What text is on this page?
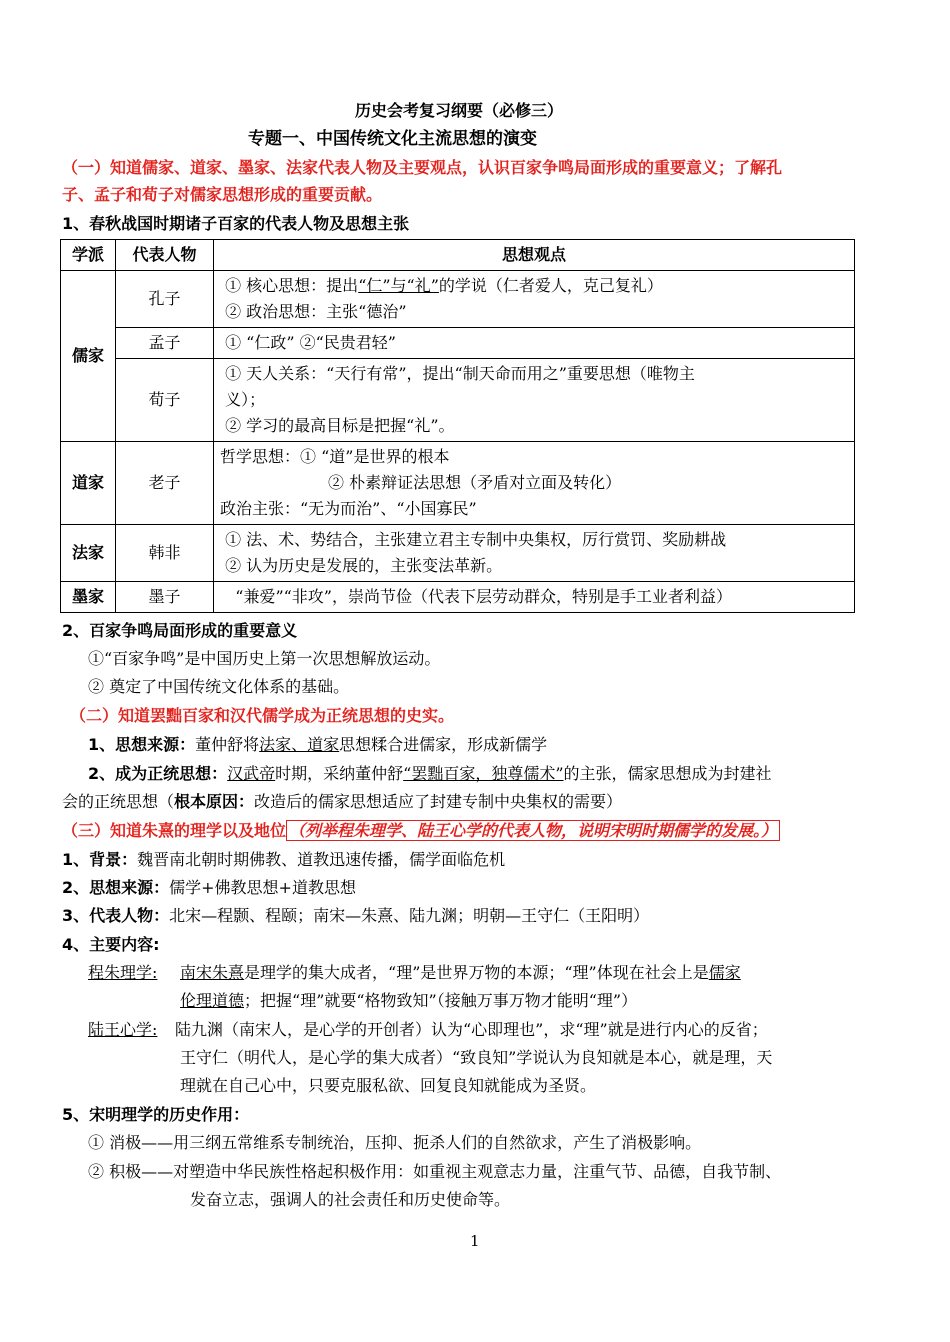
历史会考复习纲要（必修三）
专题一、中国传统文化主流思想的演变
（一）知道儒家、道家、墨家、法家代表人物及主要观点，认识百家争鸣局面形成的重要意义；了解孔
子、孟子和荀子对儒家思想形成的重要贡献。
1、春秋战国时期诸子百家的代表人物及思想主张
学派	代表人物	思想观点
儒家	孔子	① 核心思想：提出“仁”与“礼”的学说（仁者爱人，克己复礼）
② 政治思想：主张“德治”

	孟子	① “仁政” ②“民贵君轻”
	荀子	① 天人关系：“天行有常”，提出“制天命而用之”重要思想（唯物主
义）；
② 学习的最高目标是把握“礼”。

道家	老子	哲学思想：① “道”是世界的根本
② 朴素辩证法思想（矛盾对立面及转化）
政治主张：“无为而治”、“小国寡民”

法家	韩非	① 法、术、势结合，主张建立君主专制中央集权，厉行赏罚、奖励耕战
② 认为历史是发展的，主张变法革新。

墨家	墨子	“兼爱”“非攻”，崇尚节俭（代表下层劳动群众，特别是手工业者利益）
2、百家争鸣局面形成的重要意义
①“百家争鸣”是中国历史上第一次思想解放运动。
② 奠定了中国传统文化体系的基础。
（二）知道罢黜百家和汉代儒学成为正统思想的史实。
1、思想来源：董仲舒将法家、道家思想糅合进儒家，形成新儒学
2、成为正统思想：汉武帝时期，采纳董仲舒“罢黜百家，独尊儒术”的主张，儒家思想成为封建社
会的正统思想（根本原因：改造后的儒家思想适应了封建专制中央集权的需要）
（三）知道朱熹的理学以及地位 （列举程朱理学、陆王心学的代表人物，说明宋明时期儒学的发展。）
1、背景：魏晋南北朝时期佛教、道教迅速传播，儒学面临危机
2、思想来源：儒学+佛教思想+道教思想
3、代表人物：北宋—程颢、程颐；南宋—朱熹、陆九渊；明朝—王守仁（王阳明）
4、主要内容:
程朱理学: 南宋朱熹是理学的集大成者，“理”是世界万物的本源；“理”体现在社会上是儒家
伦理道德；把握“理”就要“格物致知”（接触万事万物才能明“理”）
陆王心学: 陆九渊（南宋人，是心学的开创者）认为“心即理也”，求“理”就是进行内心的反省；
王守仁（明代人，是心学的集大成者）“致良知”学说认为良知就是本心，就是理，天
理就在自己心中，只要克服私欲、回复良知就能成为圣贤。
5、宋明理学的历史作用：
① 消极——用三纲五常维系专制统治，压抑、扼杀人们的自然欲求，产生了消极影响。
② 积极——对塑造中华民族性格起积极作用：如重视主观意志力量，注重气节、品德，自我节制、
发奋立志，强调人的社会责任和历史使命等。
1
